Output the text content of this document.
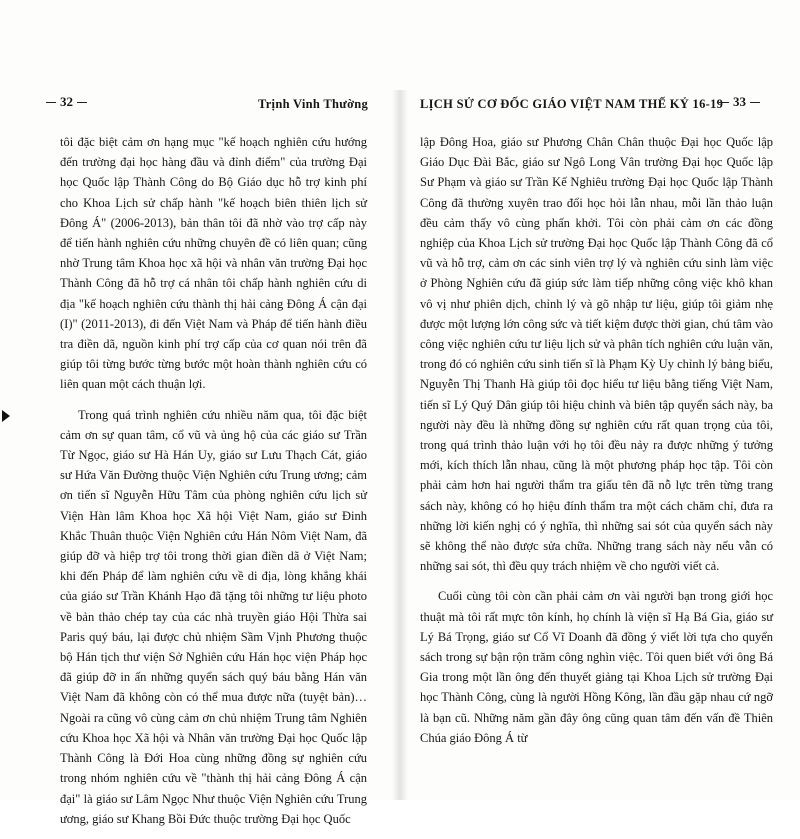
32	Trịnh Vinh Thường

tôi đặc biệt cảm ơn hạng mục "kế hoạch nghiên cứu hướng đến trường đại học hàng đầu và đỉnh điểm" của trường Đại học Quốc lập Thành Công do Bộ Giáo dục hỗ trợ kinh phí cho Khoa Lịch sử chấp hành "kế hoạch biên thiên lịch sử Đông Á" (2006-2013), bản thân tôi đã nhờ vào trợ cấp này để tiến hành nghiên cứu những chuyên đề có liên quan; cũng nhờ Trung tâm Khoa học xã hội và nhân văn trường Đại học Thành Công đã hỗ trợ cá nhân tôi chấp hành nghiên cứu di địa "kế hoạch nghiên cứu thành thị hải cảng Đông Á cận đại (I)" (2011-2013), đi đến Việt Nam và Pháp để tiến hành điều tra điền dã, nguồn kinh phí trợ cấp của cơ quan nói trên đã giúp tôi từng bước từng bước một hoàn thành nghiên cứu có liên quan một cách thuận lợi.

Trong quá trình nghiên cứu nhiều năm qua, tôi đặc biệt cảm ơn sự quan tâm, cổ vũ và ủng hộ của các giáo sư Trần Từ Ngọc, giáo sư Hà Hán Uy, giáo sư Lưu Thạch Cát, giáo sư Hứa Văn Đường thuộc Viện Nghiên cứu Trung ương; cảm ơn tiến sĩ Nguyễn Hữu Tâm của phòng nghiên cứu lịch sử Viện Hàn lâm Khoa học Xã hội Việt Nam, giáo sư Đinh Khắc Thuân thuộc Viện Nghiên cứu Hán Nôm Việt Nam, đã giúp đỡ và hiệp trợ tôi trong thời gian điền dã ở Việt Nam; khi đến Pháp để làm nghiên cứu về di địa, lòng khẳng khái của giáo sư Trần Khánh Hạo đã tặng tôi những tư liệu photo về bản thảo chép tay của các nhà truyền giáo Hội Thừa sai Paris quý báu, lại được chủ nhiệm Sầm Vịnh Phương thuộc bộ Hán tịch thư viện Sở Nghiên cứu Hán học viện Pháp học đã giúp đỡ in ấn những quyển sách quý báu bằng Hán văn Việt Nam đã không còn có thể mua được nữa (tuyệt bản)… Ngoài ra cũng vô cùng cảm ơn chủ nhiệm Trung tâm Nghiên cứu Khoa học Xã hội và Nhân văn trường Đại học Quốc lập Thành Công là Đới Hoa cùng những đồng sự nghiên cứu trong nhóm nghiên cứu về "thành thị hải cảng Đông Á cận đại" là giáo sư Lâm Ngọc Như thuộc Viện Nghiên cứu Trung ương, giáo sư Khang Bồi Đức thuộc trường Đại học Quốc

LỊCH SỬ CƠ ĐỐC GIÁO VIỆT NAM THẾ KỶ 16-19 33

lập Đông Hoa, giáo sư Phương Chân Chân thuộc Đại học Quốc lập Giáo Dục Đài Bắc, giáo sư Ngô Long Vân trường Đại học Quốc lập Sư Phạm và giáo sư Trần Kế Nghiêu trường Đại học Quốc lập Thành Công đã thường xuyên trao đổi học hỏi lẫn nhau, mỗi lần thảo luận đều cảm thấy vô cùng phấn khởi. Tôi còn phải cảm ơn các đồng nghiệp của Khoa Lịch sử trường Đại học Quốc lập Thành Công đã cổ vũ và hỗ trợ, cảm ơn các sinh viên trợ lý và nghiên cứu sinh làm việc ở Phòng Nghiên cứu đã giúp sức làm tiếp những công việc khô khan vô vị như phiên dịch, chỉnh lý và gõ nhập tư liệu, giúp tôi giảm nhẹ được một lượng lớn công sức và tiết kiệm được thời gian, chú tâm vào công việc nghiên cứu tư liệu lịch sử và phân tích nghiên cứu luận văn, trong đó có nghiên cứu sinh tiến sĩ là Phạm Kỳ Uy chỉnh lý bảng biểu, Nguyễn Thị Thanh Hà giúp tôi đọc hiểu tư liệu bằng tiếng Việt Nam, tiến sĩ Lý Quý Dân giúp tôi hiệu chỉnh và biên tập quyển sách này, ba người này đều là những đồng sự nghiên cứu rất quan trọng của tôi, trong quá trình thảo luận với họ tôi đều nảy ra được những ý tưởng mới, kích thích lẫn nhau, cũng là một phương pháp học tập. Tôi còn phải cảm hơn hai người thẩm tra giấu tên đã nỗ lực trên từng trang sách này, không có họ hiệu đính thẩm tra một cách chăm chỉ, đưa ra những lời kiến nghị có ý nghĩa, thì những sai sót của quyển sách này sẽ không thể nào được sửa chữa. Những trang sách này nếu vẫn có những sai sót, thì đều quy trách nhiệm về cho người viết cả.

Cuối cùng tôi còn cần phải cảm ơn vài người bạn trong giới học thuật mà tôi rất mực tôn kính, họ chính là viện sĩ Hạ Bá Gia, giáo sư Lý Bá Trọng, giáo sư Cổ Vĩ Doanh đã đồng ý viết lời tựa cho quyển sách trong sự bận rộn trăm công nghìn việc. Tôi quen biết với ông Bá Gia trong một lần ông đến thuyết giảng tại Khoa Lịch sử trường Đại học Thành Công, cùng là người Hồng Kông, lần đầu gặp nhau cứ ngỡ là bạn cũ. Những năm gần đây ông cũng quan tâm đến vấn đề Thiên Chúa giáo Đông Á từ
